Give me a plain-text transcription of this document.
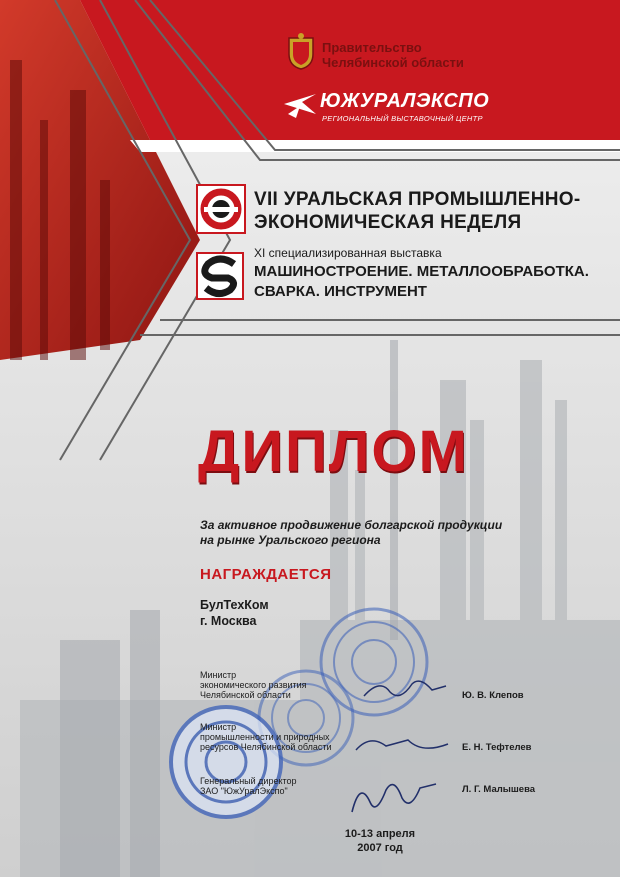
Правительство
Челябинской области
ЮЖУРАЛЭКСПО
РЕГИОНАЛЬНЫЙ ВЫСТАВОЧНЫЙ ЦЕНТР
VII УРАЛЬСКАЯ ПРОМЫШЛЕННО-
ЭКОНОМИЧЕСКАЯ НЕДЕЛЯ
XI специализированная выставка
МАШИНОСТРОЕНИЕ. МЕТАЛЛООБРАБОТКА.
СВАРКА. ИНСТРУМЕНТ
ДИПЛОМ
За активное продвижение болгарской продукции
на рынке Уральского региона
НАГРАЖДАЕТСЯ
БулТехКом
г. Москва
Министр
экономического развития
Челябинской области	Ю. В. Клепов
Министр
промышленности и природных
ресурсов Челябинской области	Е. Н. Тефтелев
Генеральный директор
ЗАО "ЮжУралЭкспо"	Л. Г. Малышева
10-13 апреля
2007 год
